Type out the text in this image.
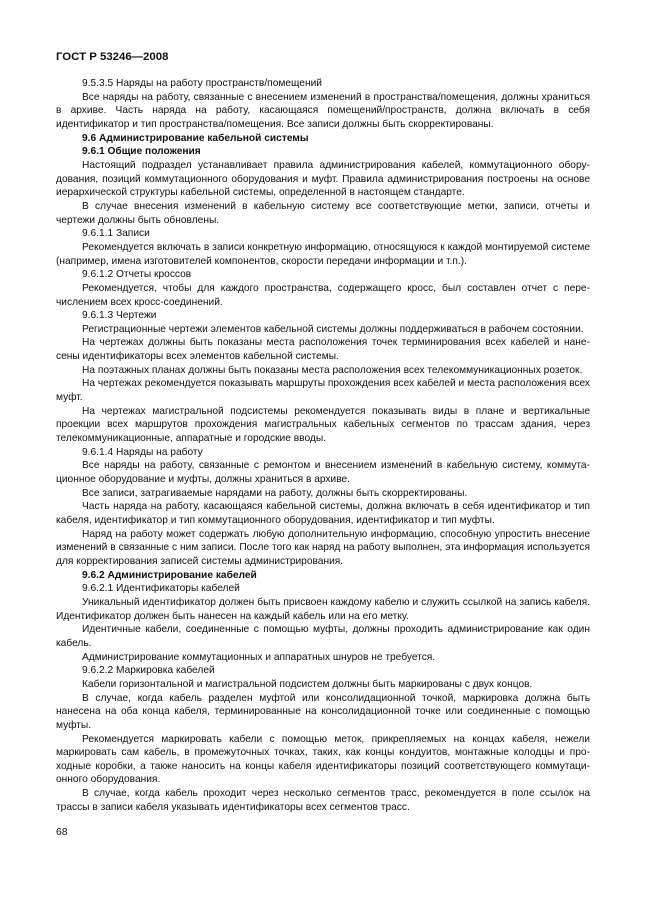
ГОСТ Р 53246—2008

9.5.3.5 Наряды на работу пространств/помещений

Все наряды на работу, связанные с внесением изменений в пространства/помещения, должны храниться в архиве. Часть наряда на работу, касающаяся помещений/пространств, должна включать в себя идентификатор и тип пространства/помещения. Все записи должны быть скорректированы.

9.6 Администрирование кабельной системы

9.6.1 Общие положения

Настоящий подраздел устанавливает правила администрирования кабелей, коммутационного оборудования, позиций коммутационного оборудования и муфт. Правила администрирования построены на основе иерархической структуры кабельной системы, определенной в настоящем стандарте.

В случае внесения изменений в кабельную систему все соответствующие метки, записи, отчеты и чертежи должны быть обновлены.

9.6.1.1 Записи

Рекомендуется включать в записи конкретную информацию, относящуюся к каждой монтируемой системе (например, имена изготовителей компонентов, скорости передачи информации и т.п.).

9.6.1.2 Отчеты кроссов

Рекомендуется, чтобы для каждого пространства, содержащего кросс, был составлен отчет с перечислением всех кросс-соединений.

9.6.1.3 Чертежи

Регистрационные чертежи элементов кабельной системы должны поддерживаться в рабочем состоянии.

На чертежах должны быть показаны места расположения точек терминирования всех кабелей и нанесены идентификаторы всех элементов кабельной системы.

На поэтажных планах должны быть показаны места расположения всех телекоммуникационных розеток.

На чертежах рекомендуется показывать маршруты прохождения всех кабелей и места расположения всех муфт.

На чертежах магистральной подсистемы рекомендуется показывать виды в плане и вертикальные проекции всех маршрутов прохождения магистральных кабельных сегментов по трассам здания, через телекоммуникационные, аппаратные и городские вводы.

9.6.1.4 Наряды на работу

Все наряды на работу, связанные с ремонтом и внесением изменений в кабельную систему, коммутационное оборудование и муфты, должны храниться в архиве.

Все записи, затрагиваемые нарядами на работу, должны быть скорректированы.

Часть наряда на работу, касающаяся кабельной системы, должна включать в себя идентификатор и тип кабеля, идентификатор и тип коммутационного оборудования, идентификатор и тип муфты.

Наряд на работу может содержать любую дополнительную информацию, способную упростить внесение изменений в связанные с ним записи. После того как наряд на работу выполнен, эта информация используется для корректирования записей системы администрирования.

9.6.2 Администрирование кабелей

9.6.2.1 Идентификаторы кабелей

Уникальный идентификатор должен быть присвоен каждому кабелю и служить ссылкой на запись кабеля. Идентификатор должен быть нанесен на каждый кабель или на его метку.

Идентичные кабели, соединенные с помощью муфты, должны проходить администрирование как один кабель.

Администрирование коммутационных и аппаратных шнуров не требуется.

9.6.2.2 Маркировка кабелей

Кабели горизонтальной и магистральной подсистем должны быть маркированы с двух концов.

В случае, когда кабель разделен муфтой или консолидационной точкой, маркировка должна быть нанесена на оба конца кабеля, терминированные на консолидационной точке или соединенные с помощью муфты.

Рекомендуется маркировать кабели с помощью меток, прикрепляемых на концах кабеля, нежели маркировать сам кабель, в промежуточных точках, таких, как концы кондуитов, монтажные колодцы и проходные коробки, а также наносить на концы кабеля идентификаторы позиций соответствующего коммутационного оборудования.

В случае, когда кабель проходит через несколько сегментов трасс, рекомендуется в поле ссылок на трассы в записи кабеля указывать идентификаторы всех сегментов трасс.

68
